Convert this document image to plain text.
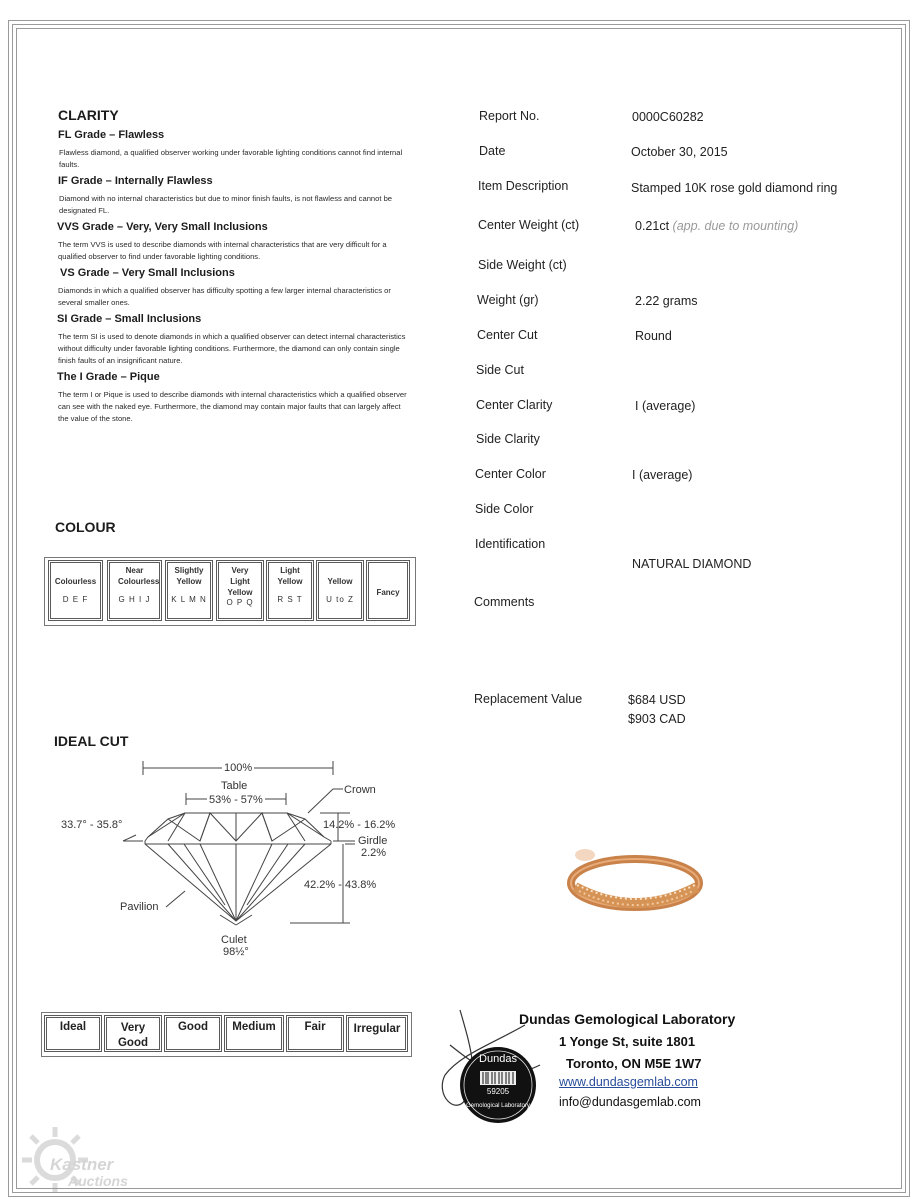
CLARITY
FL Grade – Flawless
Flawless diamond, a qualified observer working under favorable lighting conditions cannot find internal faults.
IF Grade – Internally Flawless
Diamond with no internal characteristics but due to minor finish faults, is not flawless and cannot be designated FL.
VVS Grade – Very, Very Small Inclusions
The term VVS is used to describe diamonds with internal characteristics that are very difficult for a qualified observer to find under favorable lighting conditions.
VS Grade – Very Small Inclusions
Diamonds in which a qualified observer has difficulty spotting a few larger internal characteristics or several smaller ones.
SI Grade – Small Inclusions
The term SI is used to denote diamonds in which a qualified observer can detect internal characteristics without difficulty under favorable lighting conditions. Furthermore, the diamond can only contain single finish faults of an insignificant nature.
The I Grade – Pique
The term I or Pique is used to describe diamonds with internal characteristics which a qualified observer can see with the naked eye. Furthermore, the diamond may contain major faults that can largely affect the value of the stone.
COLOUR
Colourless
D E F
Near Colourless
G H I J
Slightly Yellow
K L M N
Very Light Yellow
O P Q
Light Yellow
R S T
Yellow
U to Z
Fancy
IDEAL CUT
100%
Table
53% - 57%
Crown
33.7° - 35.8°	14.2% - 16.2%
Girdle
2.2%
42.2% - 43.8%
Pavilion
Culet
98½°
Ideal	Very Good
Good	Medium	Fair	Irregular
Report No.	0000C60282
Date	October 30, 2015
Item Description	Stamped 10K rose gold diamond ring
Center Weight (ct)	0.21ct (app. due to mounting)
Side Weight (ct)
Weight (gr)	2.22 grams
Center Cut	Round
Side Cut
Center Clarity	I (average)
Side Clarity
Center Color	I (average)
Side Color
Identification
NATURAL DIAMOND
Comments
Replacement Value	$684 USD
$903 CAD
Dundas Gemological Laboratory
1 Yonge St, suite 1801
Toronto, ON M5E 1W7
www.dundasgemlab.com
info@dundasgemlab.com
Dundas
59205
Gemological Laboratory
Kastner
Auctions
